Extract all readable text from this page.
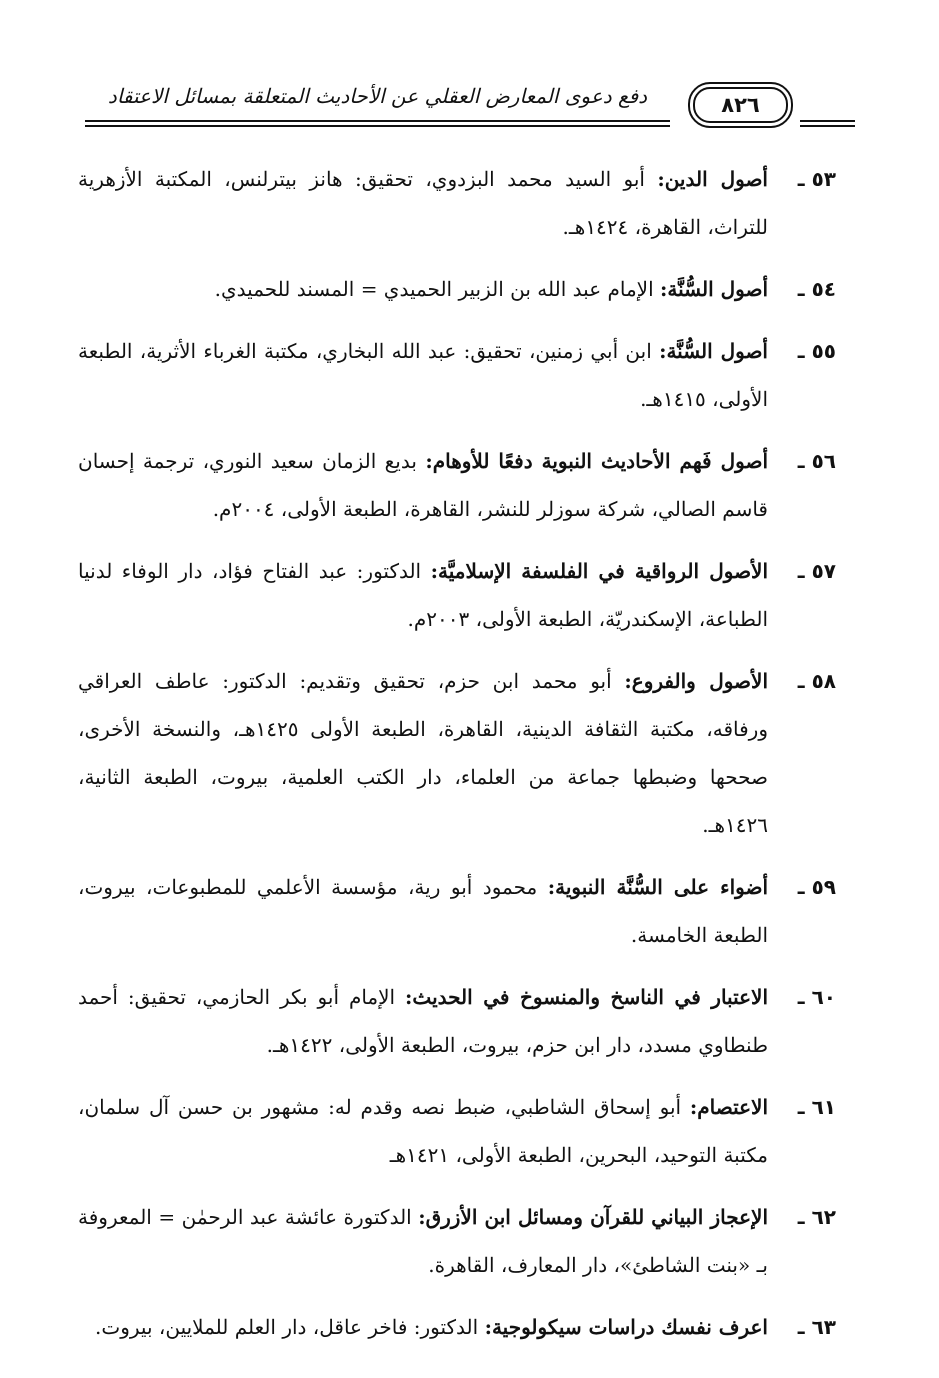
٨٢٦
دفع دعوى المعارض العقلي عن الأحاديث المتعلقة بمسائل الاعتقاد
٥٣ ـ
أصول الدين: أبو السيد محمد البزدوي، تحقيق: هانز بيترلنس، المكتبة الأزهرية للتراث، القاهرة، ١٤٢٤هـ.
٥٤ ـ
أصول السُّنَّة: الإمام عبد الله بن الزبير الحميدي = المسند للحميدي.
٥٥ ـ
أصول السُّنَّة: ابن أبي زمنين، تحقيق: عبد الله البخاري، مكتبة الغرباء الأثرية، الطبعة الأولى، ١٤١٥هـ.
٥٦ ـ
أصول فَهم الأحاديث النبوية دفعًا للأوهام: بديع الزمان سعيد النوري، ترجمة إحسان قاسم الصالي، شركة سوزلر للنشر، القاهرة، الطبعة الأولى، ٢٠٠٤م.
٥٧ ـ
الأصول الرواقية في الفلسفة الإسلاميَّة: الدكتور: عبد الفتاح فؤاد، دار الوفاء لدنيا الطباعة، الإسكندريّة، الطبعة الأولى، ٢٠٠٣م.
٥٨ ـ
الأصول والفروع: أبو محمد ابن حزم، تحقيق وتقديم: الدكتور: عاطف العراقي ورفاقه، مكتبة الثقافة الدينية، القاهرة، الطبعة الأولى ١٤٢٥هـ، والنسخة الأخرى، صححها وضبطها جماعة من العلماء، دار الكتب العلمية، بيروت، الطبعة الثانية، ١٤٢٦هـ.
٥٩ ـ
أضواء على السُّنَّة النبوية: محمود أبو رية، مؤسسة الأعلمي للمطبوعات، بيروت، الطبعة الخامسة.
٦٠ ـ
الاعتبار في الناسخ والمنسوخ في الحديث: الإمام أبو بكر الحازمي، تحقيق: أحمد طنطاوي مسدد، دار ابن حزم، بيروت، الطبعة الأولى، ١٤٢٢هـ.
٦١ ـ
الاعتصام: أبو إسحاق الشاطبي، ضبط نصه وقدم له: مشهور بن حسن آل سلمان، مكتبة التوحيد، البحرين، الطبعة الأولى، ١٤٢١هـ
٦٢ ـ
الإعجاز البياني للقرآن ومسائل ابن الأزرق: الدكتورة عائشة عبد الرحمٰن = المعروفة بـ «بنت الشاطئ»، دار المعارف، القاهرة.
٦٣ ـ
اعرف نفسك دراسات سيكولوجية: الدكتور: فاخر عاقل، دار العلم للملايين، بيروت.
